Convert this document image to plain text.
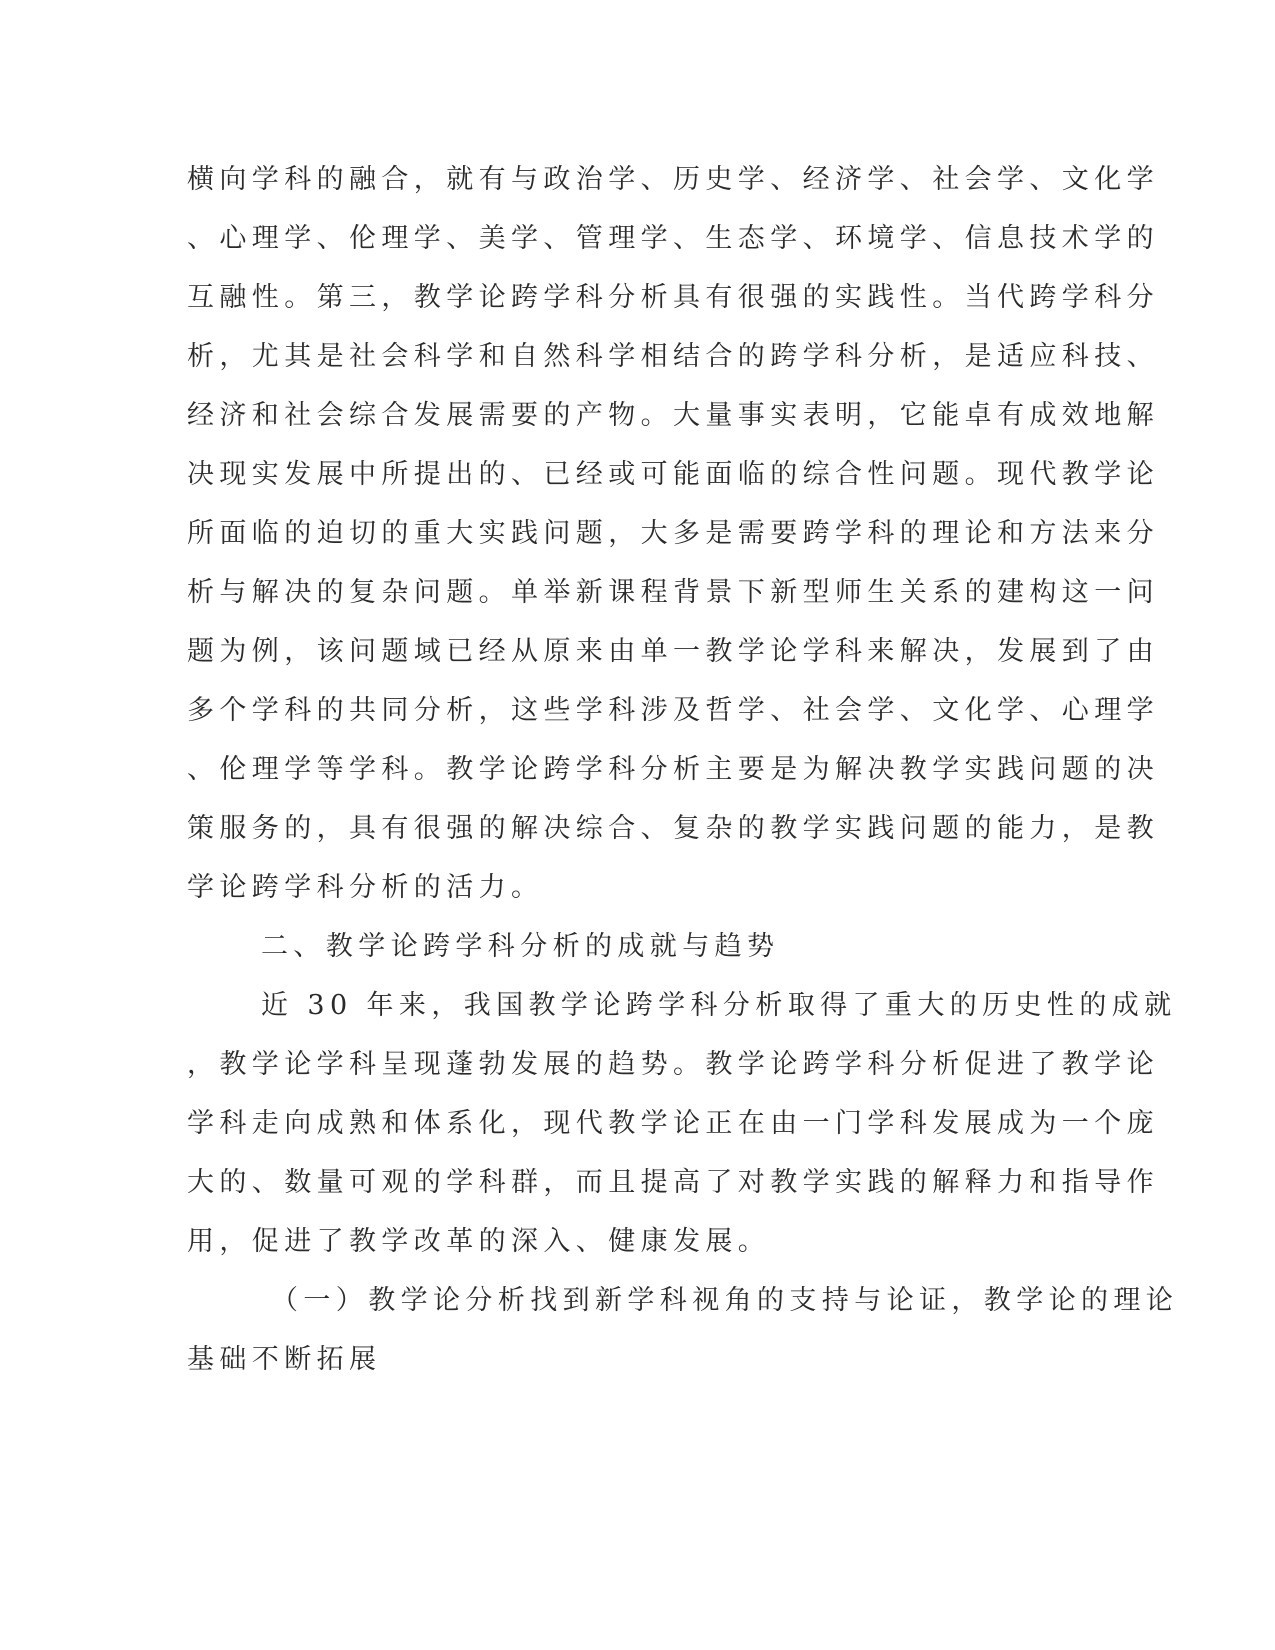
横向学科的融合，就有与政治学、历史学、经济学、社会学、文化学
、心理学、伦理学、美学、管理学、生态学、环境学、信息技术学的
互融性。第三，教学论跨学科分析具有很强的实践性。当代跨学科分
析，尤其是社会科学和自然科学相结合的跨学科分析，是适应科技、
经济和社会综合发展需要的产物。大量事实表明，它能卓有成效地解
决现实发展中所提出的、已经或可能面临的综合性问题。现代教学论
所面临的迫切的重大实践问题，大多是需要跨学科的理论和方法来分
析与解决的复杂问题。单举新课程背景下新型师生关系的建构这一问
题为例，该问题域已经从原来由单一教学论学科来解决，发展到了由
多个学科的共同分析，这些学科涉及哲学、社会学、文化学、心理学
、伦理学等学科。教学论跨学科分析主要是为解决教学实践问题的决
策服务的，具有很强的解决综合、复杂的教学实践问题的能力，是教
学论跨学科分析的活力。
二、教学论跨学科分析的成就与趋势
近 30 年来，我国教学论跨学科分析取得了重大的历史性的成就
，教学论学科呈现蓬勃发展的趋势。教学论跨学科分析促进了教学论
学科走向成熟和体系化，现代教学论正在由一门学科发展成为一个庞
大的、数量可观的学科群，而且提高了对教学实践的解释力和指导作
用，促进了教学改革的深入、健康发展。
（一）教学论分析找到新学科视角的支持与论证，教学论的理论
基础不断拓展
